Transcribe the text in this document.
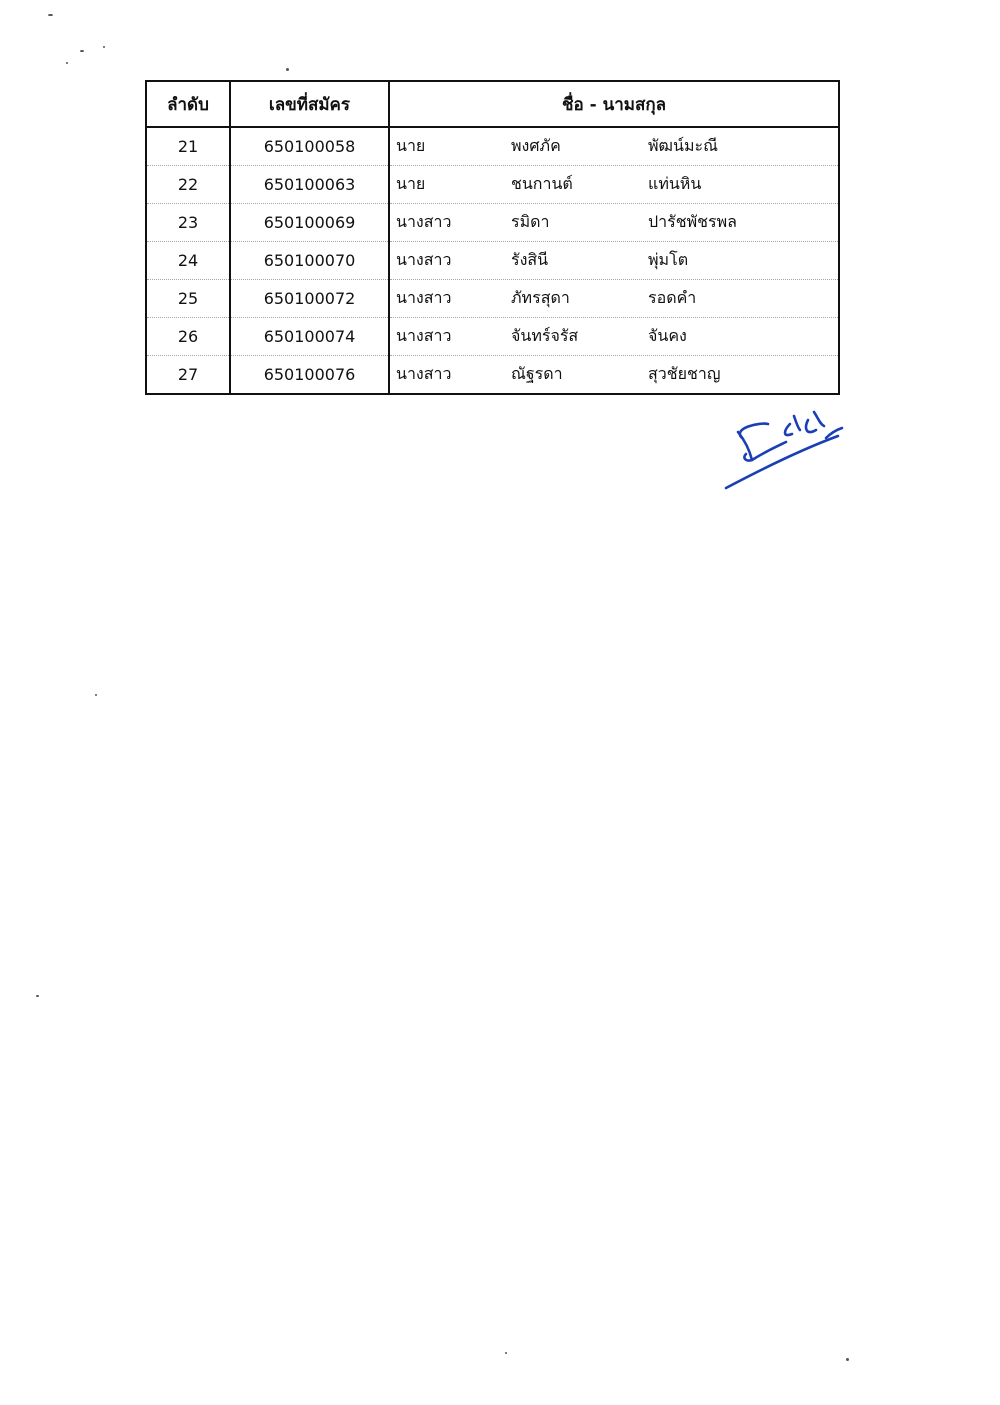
ลำดับ	เลขที่สมัคร	ชื่อ - นามสกุล
21	650100058	นาย พงศภัค พัฒน์มะณี

22	650100063	นาย ชนกานต์ แท่นหิน

23	650100069	นางสาว รมิดา ปารัชพัชรพล

24	650100070	นางสาว รังสินี พุ่มโต

25	650100072	นางสาว ภัทรสุดา รอดคำ

26	650100074	นางสาว จันทร์จรัส จันคง

27	650100076	นางสาว ณัฐรดา สุวชัยชาญ
